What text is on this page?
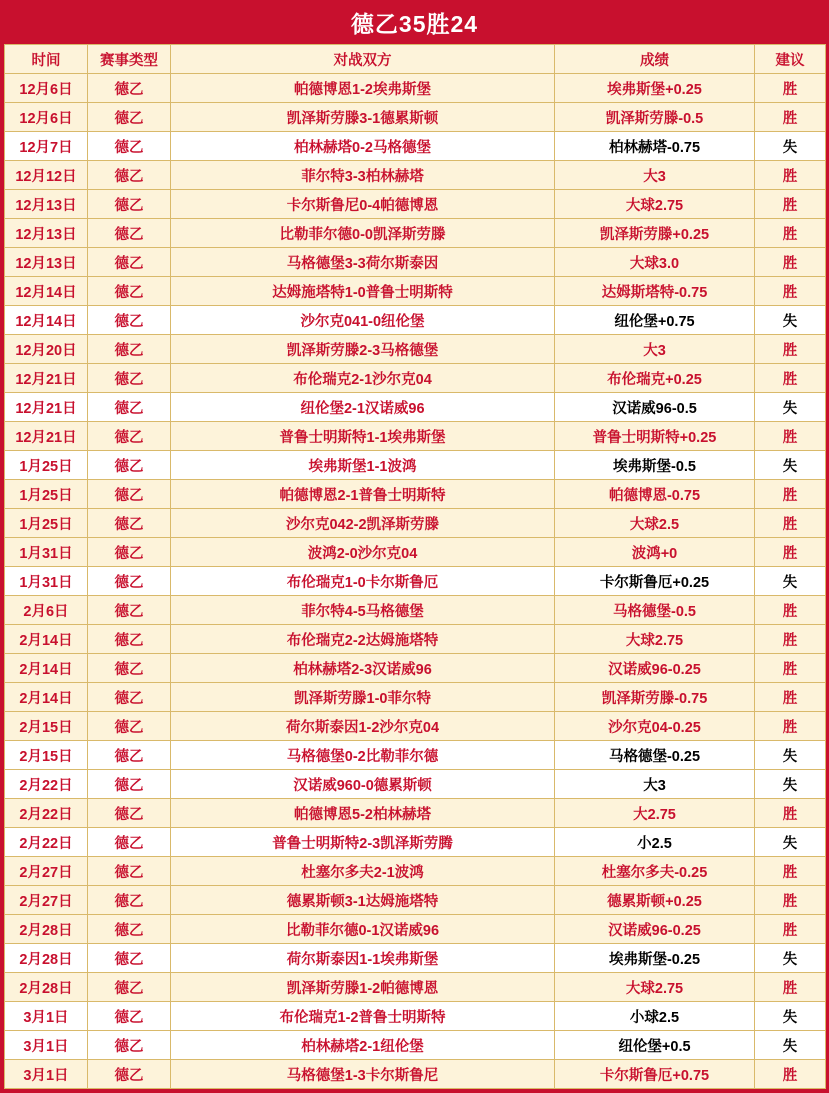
德乙35胜24
时间	赛事类型	对战双方	成绩	建议
12月6日	德乙	帕德博恩1-2埃弗斯堡	埃弗斯堡+0.25	胜
12月6日	德乙	凯泽斯劳滕3-1德累斯顿	凯泽斯劳滕-0.5	胜
12月7日	德乙	柏林赫塔0-2马格德堡	柏林赫塔-0.75	失
12月12日	德乙	菲尔特3-3柏林赫塔	大3	胜
12月13日	德乙	卡尔斯鲁尼0-4帕德博恩	大球2.75	胜
12月13日	德乙	比勒菲尔德0-0凯泽斯劳滕	凯泽斯劳滕+0.25	胜
12月13日	德乙	马格德堡3-3荷尔斯泰因	大球3.0	胜
12月14日	德乙	达姆施塔特1-0普鲁士明斯特	达姆斯塔特-0.75	胜
12月14日	德乙	沙尔克041-0纽伦堡	纽伦堡+0.75	失
12月20日	德乙	凯泽斯劳滕2-3马格德堡	大3	胜
12月21日	德乙	布伦瑞克2-1沙尔克04	布伦瑞克+0.25	胜
12月21日	德乙	纽伦堡2-1汉诺威96	汉诺威96-0.5	失
12月21日	德乙	普鲁士明斯特1-1埃弗斯堡	普鲁士明斯特+0.25	胜
1月25日	德乙	埃弗斯堡1-1波鸿	埃弗斯堡-0.5	失
1月25日	德乙	帕德博恩2-1普鲁士明斯特	帕德博恩-0.75	胜
1月25日	德乙	沙尔克042-2凯泽斯劳滕	大球2.5	胜
1月31日	德乙	波鸿2-0沙尔克04	波鸿+0	胜
1月31日	德乙	布伦瑞克1-0卡尔斯鲁厄	卡尔斯鲁厄+0.25	失
2月6日	德乙	菲尔特4-5马格德堡	马格德堡-0.5	胜
2月14日	德乙	布伦瑞克2-2达姆施塔特	大球2.75	胜
2月14日	德乙	柏林赫塔2-3汉诺威96	汉诺威96-0.25	胜
2月14日	德乙	凯泽斯劳滕1-0菲尔特	凯泽斯劳滕-0.75	胜
2月15日	德乙	荷尔斯泰因1-2沙尔克04	沙尔克04-0.25	胜
2月15日	德乙	马格德堡0-2比勒菲尔德	马格德堡-0.25	失
2月22日	德乙	汉诺威960-0德累斯顿	大3	失
2月22日	德乙	帕德博恩5-2柏林赫塔	大2.75	胜
2月22日	德乙	普鲁士明斯特2-3凯泽斯劳腾	小2.5	失
2月27日	德乙	杜塞尔多夫2-1波鸿	杜塞尔多夫-0.25	胜
2月27日	德乙	德累斯顿3-1达姆施塔特	德累斯顿+0.25	胜
2月28日	德乙	比勒菲尔德0-1汉诺威96	汉诺威96-0.25	胜
2月28日	德乙	荷尔斯泰因1-1埃弗斯堡	埃弗斯堡-0.25	失
2月28日	德乙	凯泽斯劳滕1-2帕德博恩	大球2.75	胜
3月1日	德乙	布伦瑞克1-2普鲁士明斯特	小球2.5	失
3月1日	德乙	柏林赫塔2-1纽伦堡	纽伦堡+0.5	失
3月1日	德乙	马格德堡1-3卡尔斯鲁尼	卡尔斯鲁厄+0.75	胜
